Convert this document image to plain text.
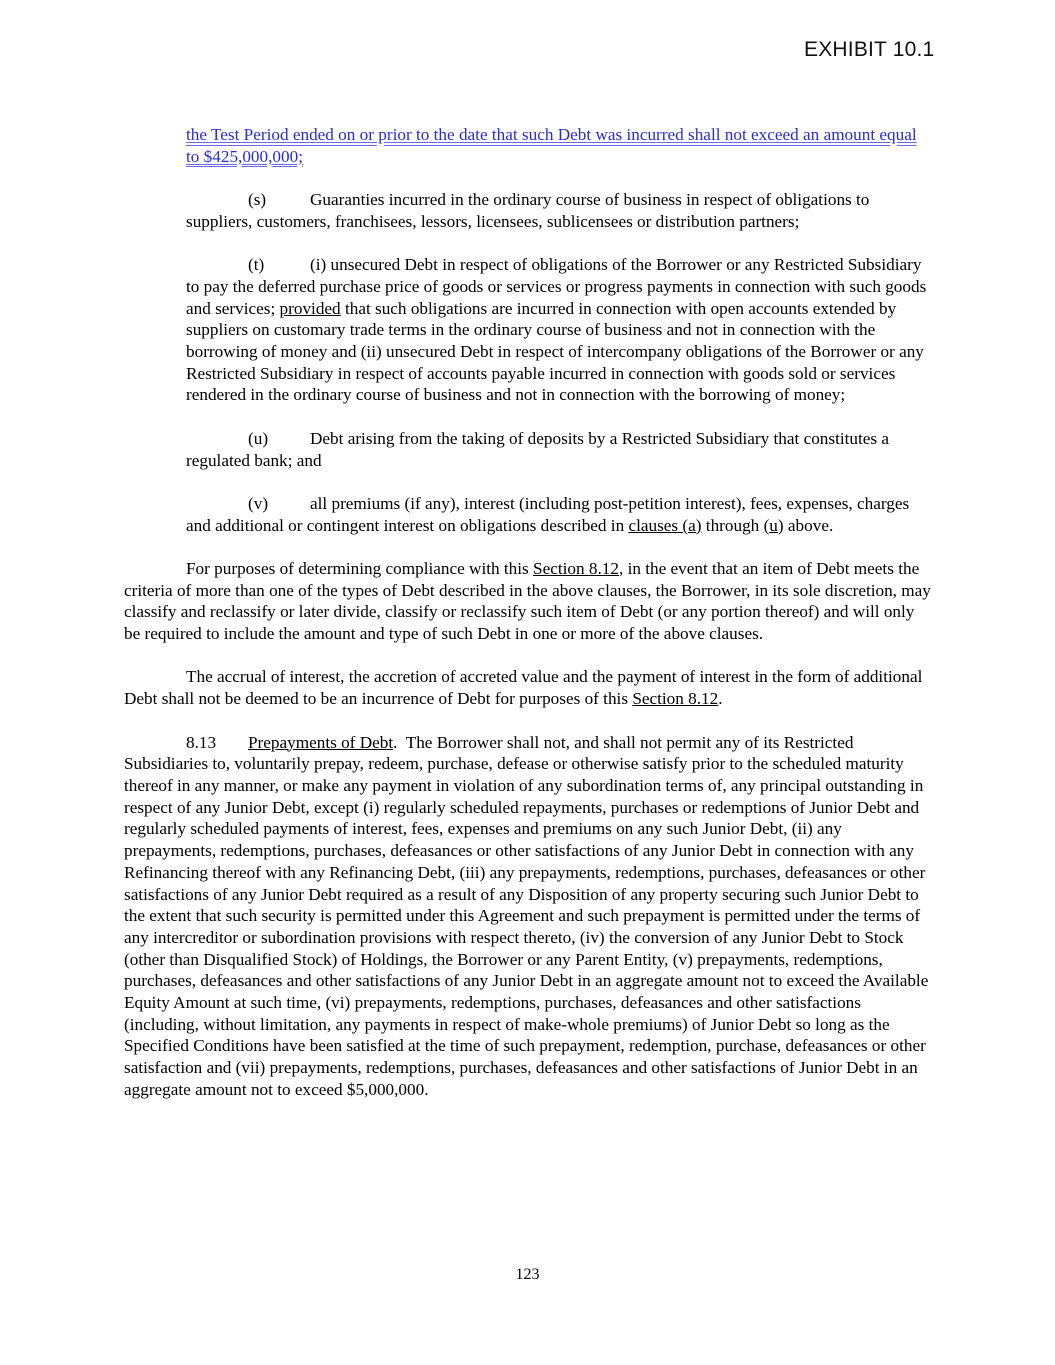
EXHIBIT 10.1

the Test Period ended on or prior to the date that such Debt was incurred shall not exceed an amount equal to $425,000,000;

(s)	Guaranties incurred in the ordinary course of business in respect of obligations to suppliers, customers, franchisees, lessors, licensees, sublicensees or distribution partners;

(t)	(i) unsecured Debt in respect of obligations of the Borrower or any Restricted Subsidiary to pay the deferred purchase price of goods or services or progress payments in connection with such goods and services; provided that such obligations are incurred in connection with open accounts extended by suppliers on customary trade terms in the ordinary course of business and not in connection with the borrowing of money and (ii) unsecured Debt in respect of intercompany obligations of the Borrower or any Restricted Subsidiary in respect of accounts payable incurred in connection with goods sold or services rendered in the ordinary course of business and not in connection with the borrowing of money;

(u) Debt arising from the taking of deposits by a Restricted Subsidiary that constitutes a regulated bank; and

(v) all premiums (if any), interest (including post-petition interest), fees, expenses, charges and additional or contingent interest on obligations described in clauses (a) through (u) above.

For purposes of determining compliance with this Section 8.12, in the event that an item of Debt meets the criteria of more than one of the types of Debt described in the above clauses, the Borrower, in its sole discretion, may classify and reclassify or later divide, classify or reclassify such item of Debt (or any portion thereof) and will only be required to include the amount and type of such Debt in one or more of the above clauses.

The accrual of interest, the accretion of accreted value and the payment of interest in the form of additional Debt shall not be deemed to be an incurrence of Debt for purposes of this Section 8.12.

8.13 Prepayments of Debt.  The Borrower shall not, and shall not permit any of its Restricted Subsidiaries to, voluntarily prepay, redeem, purchase, defease or otherwise satisfy prior to the scheduled maturity thereof in any manner, or make any payment in violation of any subordination terms of, any principal outstanding in respect of any Junior Debt, except (i) regularly scheduled repayments, purchases or redemptions of Junior Debt and regularly scheduled payments of interest, fees, expenses and premiums on any such Junior Debt, (ii) any prepayments, redemptions, purchases, defeasances or other satisfactions of any Junior Debt in connection with any Refinancing thereof with any Refinancing Debt, (iii) any prepayments, redemptions, purchases, defeasances or other satisfactions of any Junior Debt required as a result of any Disposition of any property securing such Junior Debt to the extent that such security is permitted under this Agreement and such prepayment is permitted under the terms of any intercreditor or subordination provisions with respect thereto, (iv) the conversion of any Junior Debt to Stock (other than Disqualified Stock) of Holdings, the Borrower or any Parent Entity, (v) prepayments, redemptions, purchases, defeasances and other satisfactions of any Junior Debt in an aggregate amount not to exceed the Available Equity Amount at such time, (vi) prepayments, redemptions, purchases, defeasances and other satisfactions (including, without limitation, any payments in respect of make-whole premiums) of Junior Debt so long as the Specified Conditions have been satisfied at the time of such prepayment, redemption, purchase, defeasances or other satisfaction and (vii) prepayments, redemptions, purchases, defeasances and other satisfactions of Junior Debt in an aggregate amount not to exceed $5,000,000.

123
